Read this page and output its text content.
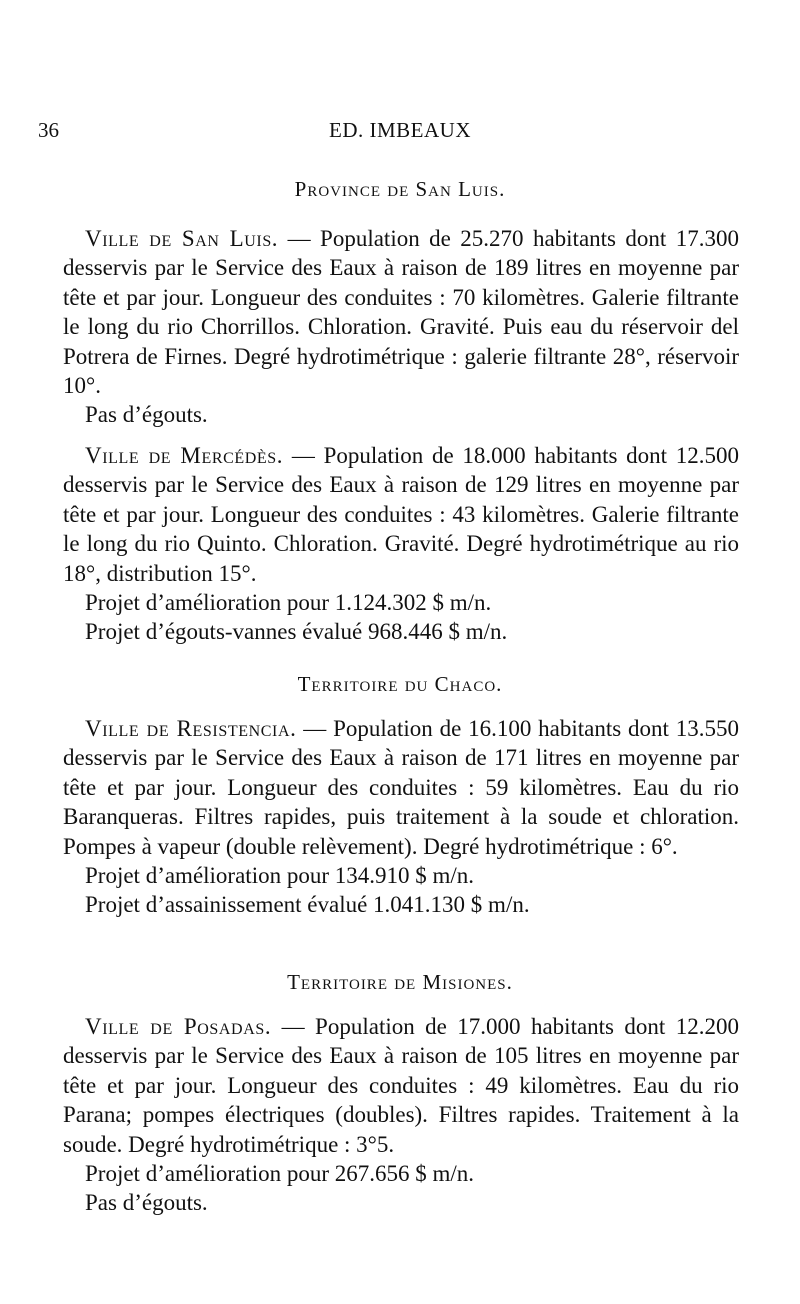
36	ED. IMBEAUX
Province de San Luis.

Ville de San Luis. — Population de 25.270 habitants dont 17.300 desservis par le Service des Eaux à raison de 189 litres en moyenne par tête et par jour. Longueur des conduites : 70 kilomètres. Galerie filtrante le long du rio Chorrillos. Chloration. Gravité. Puis eau du réservoir del Potrera de Firnes. Degré hydrotimétrique : galerie filtrante 28°, réservoir 10°.

Pas d’égouts.

Ville de Mercédès. — Population de 18.000 habitants dont 12.500 desservis par le Service des Eaux à raison de 129 litres en moyenne par tête et par jour. Longueur des conduites : 43 kilomètres. Galerie filtrante le long du rio Quinto. Chloration. Gravité. Degré hydrotimétrique au rio 18°, distribution 15°.

Projet d’amélioration pour 1.124.302 $ m/n.

Projet d’égouts-vannes évalué 968.446 $ m/n.

Territoire du Chaco.

Ville de Resistencia. — Population de 16.100 habitants dont 13.550 desservis par le Service des Eaux à raison de 171 litres en moyenne par tête et par jour. Longueur des conduites : 59 kilomètres. Eau du rio Baranqueras. Filtres rapides, puis traitement à la soude et chloration. Pompes à vapeur (double relèvement). Degré hydrotimétrique : 6°.

Projet d’amélioration pour 134.910 $ m/n.

Projet d’assainissement évalué 1.041.130 $ m/n.

Territoire de Misiones.

Ville de Posadas. — Population de 17.000 habitants dont 12.200 desservis par le Service des Eaux à raison de 105 litres en moyenne par tête et par jour. Longueur des conduites : 49 kilomètres. Eau du rio Parana; pompes électriques (doubles). Filtres rapides. Traitement à la soude. Degré hydrotimétrique : 3°5.

Projet d’amélioration pour 267.656 $ m/n.

Pas d’égouts.
